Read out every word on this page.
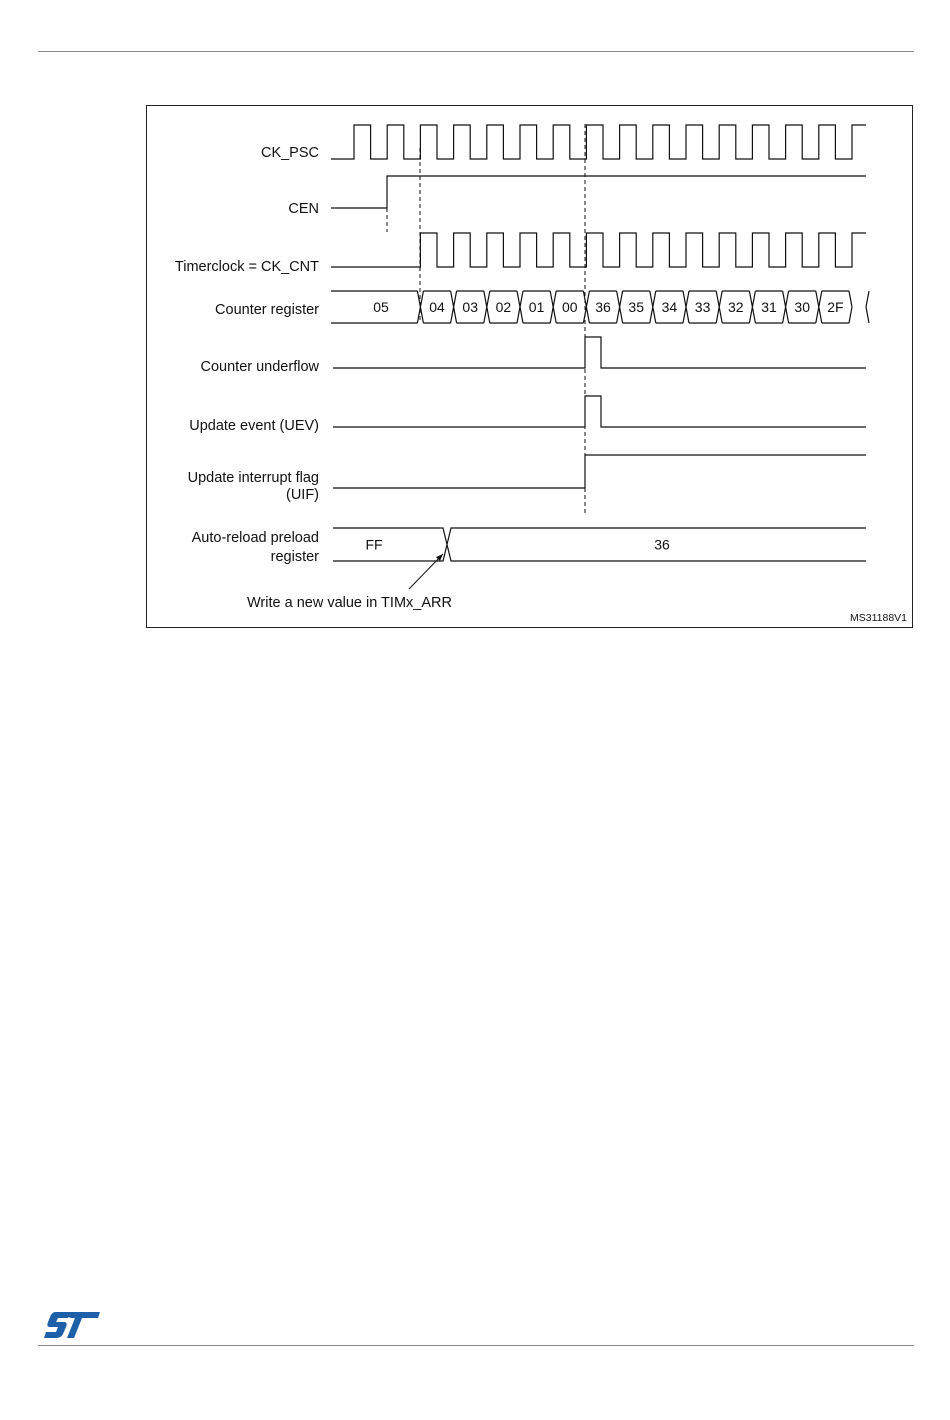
CK_PSC
CEN
Timerclock = CK_CNT
Counter register
Counter underflow
Update event (UEV)
Update interrupt flag
(UIF)
Auto-reload preload
register
05	04 03 02 01 00 36 35 34 33 32 31 30 2F
FF	36
Write a new value in TIMx_ARR
MS31188V1
